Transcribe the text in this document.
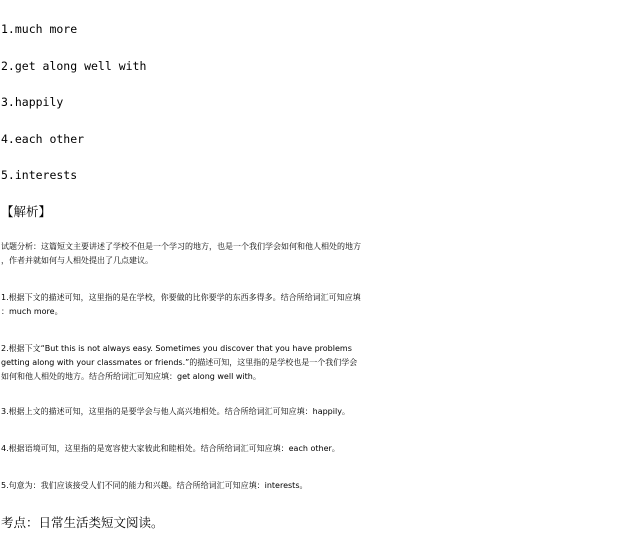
1.much more
2.get along well with
3.happily
4.each other
5.interests
【解析】
试题分析：这篇短文主要讲述了学校不但是一个学习的地方，也是一个我们学会如何和他人相处的地方
，作者并就如何与人相处提出了几点建议。
1.根据下文的描述可知，这里指的是在学校，你要做的比你要学的东西多得多。结合所给词汇可知应填
：much more。
2.根据下文“But this is not always easy. Sometimes you discover that you have problems
getting along with your classmates or friends.”的描述可知，这里指的是学校也是一个我们学会
如何和他人相处的地方。结合所给词汇可知应填：get along well with。
3.根据上文的描述可知，这里指的是要学会与他人高兴地相处。结合所给词汇可知应填：happily。
4.根据语境可知，这里指的是宽容使大家彼此和睦相处。结合所给词汇可知应填：each other。
5.句意为：我们应该接受人们不同的能力和兴趣。结合所给词汇可知应填：interests。
考点：日常生活类短文阅读。
